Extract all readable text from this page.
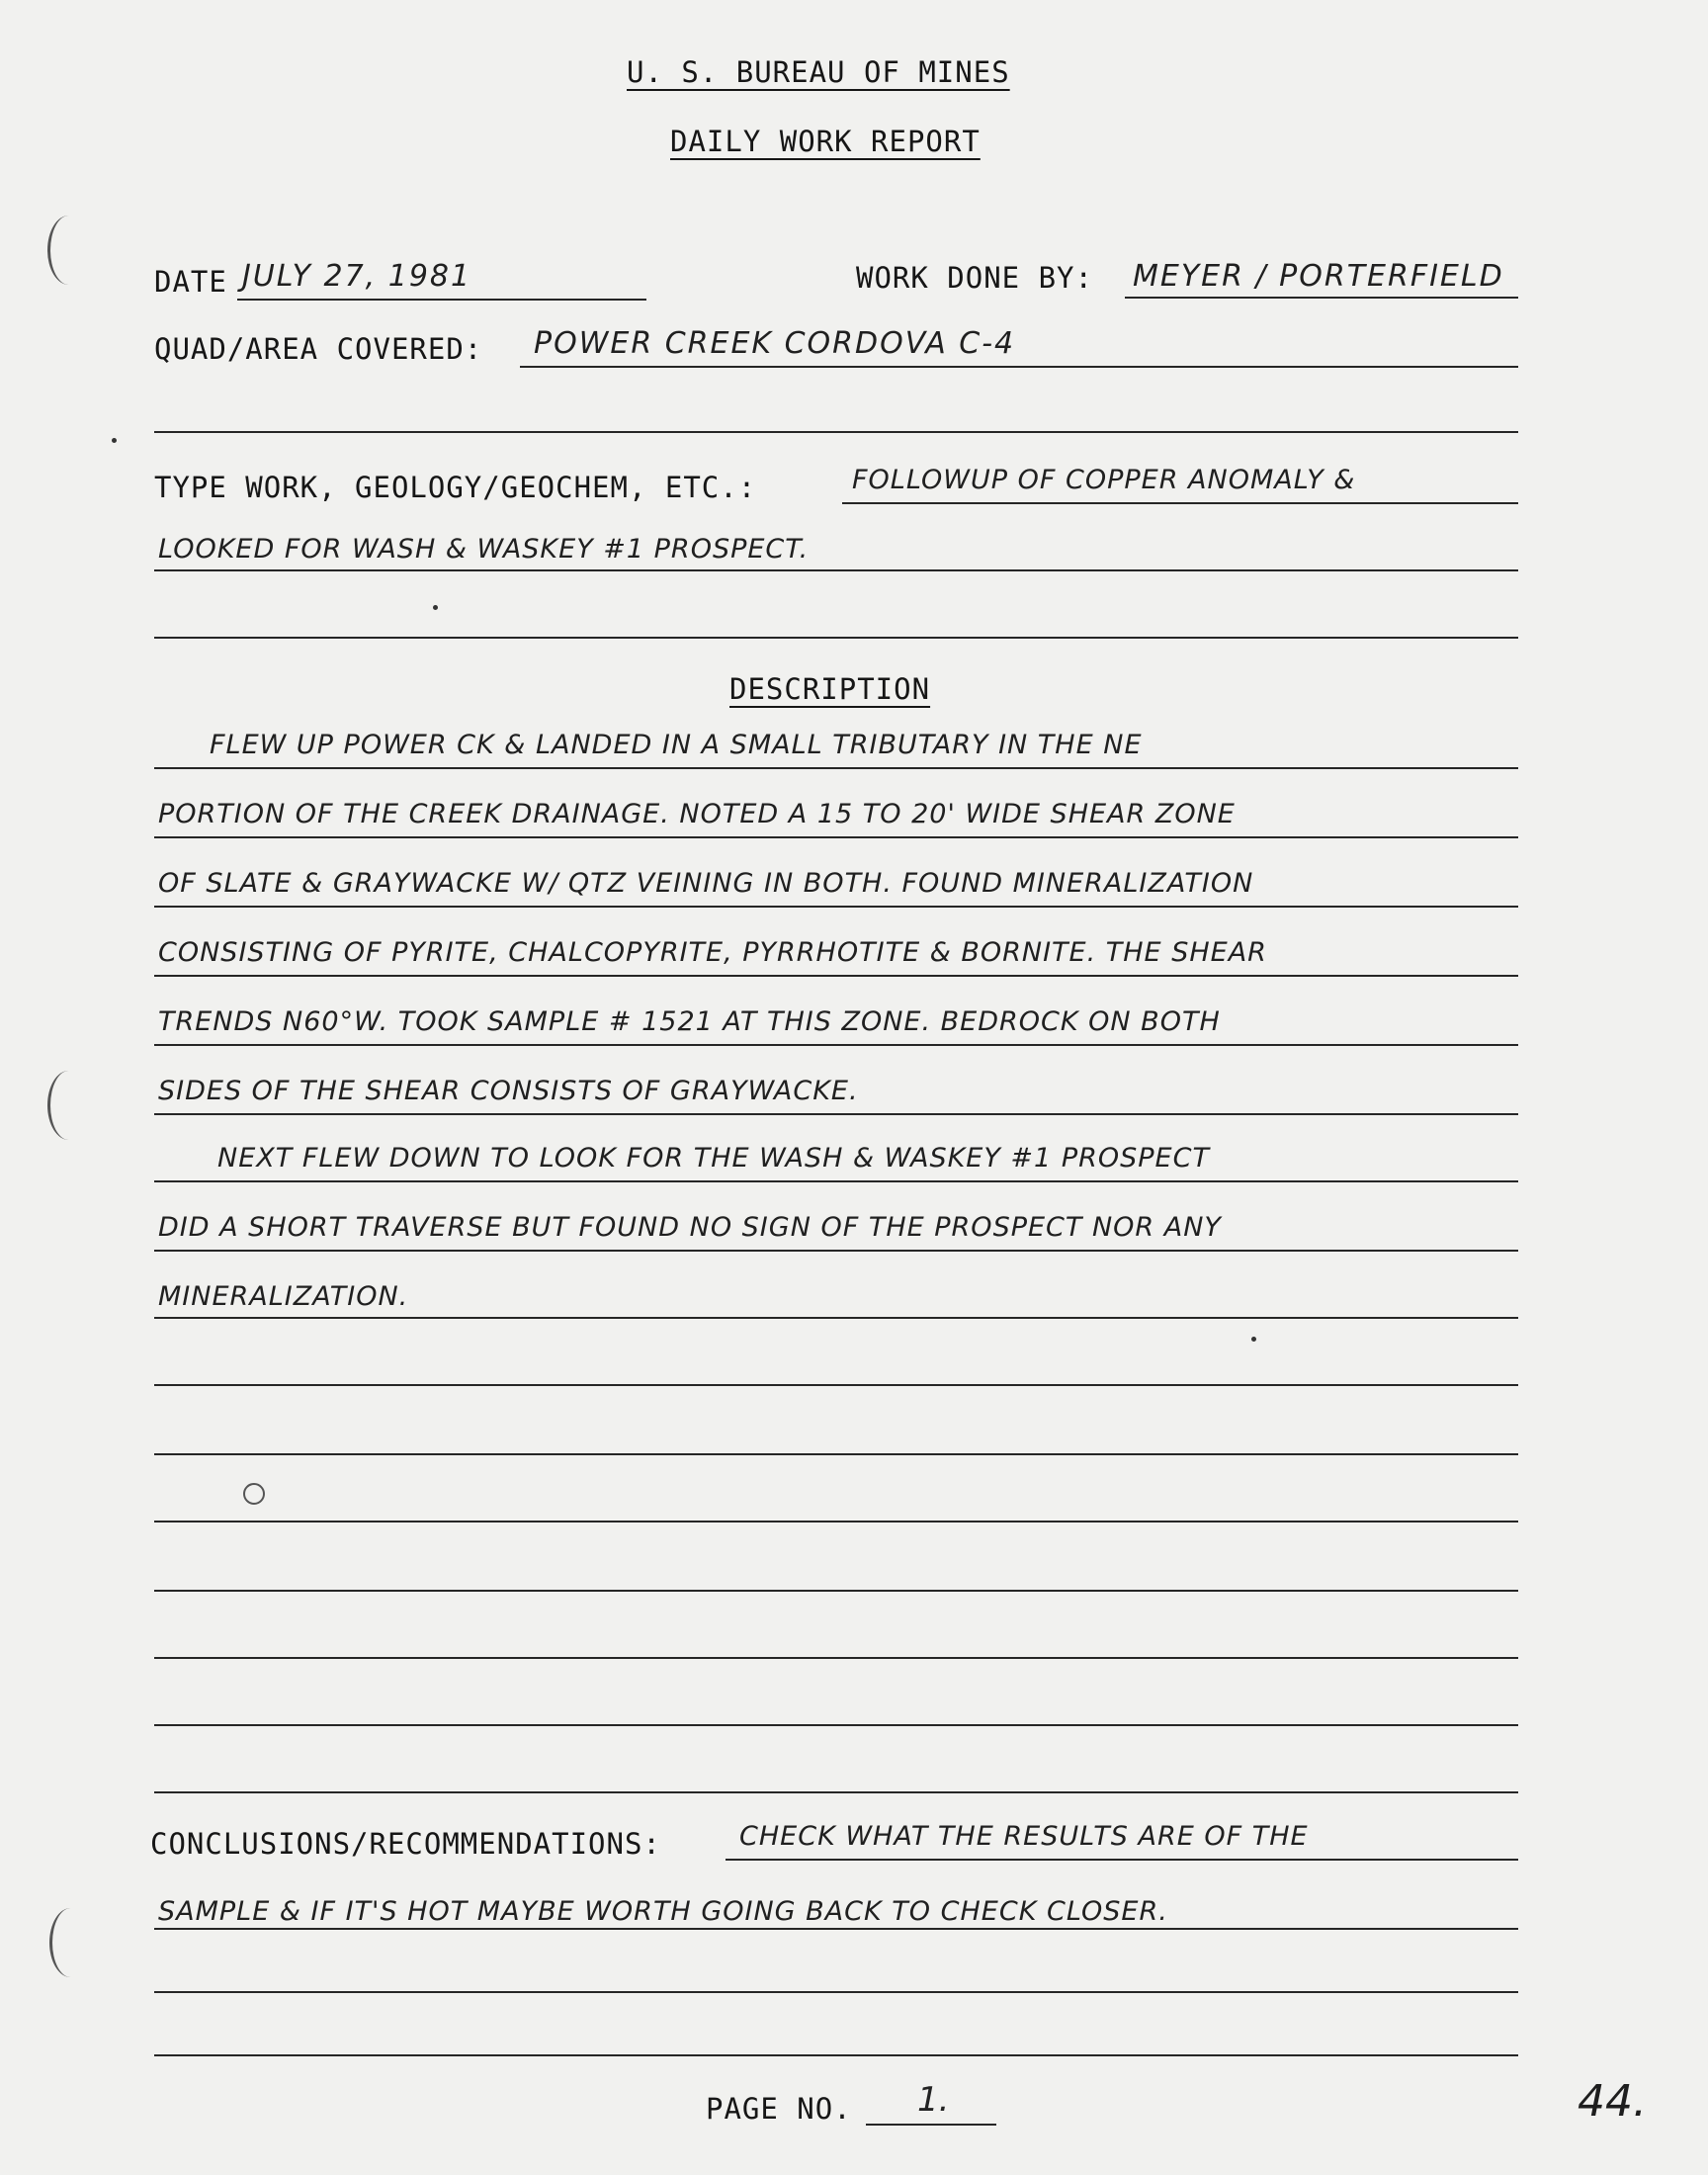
U. S. BUREAU OF MINES
DAILY WORK REPORT
DATE JULY 27, 1981	WORK DONE BY: MEYER / PORTERFIELD
QUAD/AREA COVERED: POWER CREEK CORDOVA C-4
TYPE WORK, GEOLOGY/GEOCHEM, ETC.:	FOLLOWUP OF COPPER ANOMALY &
LOOKED FOR WASH & WASKEY #1 PROSPECT.
DESCRIPTION
FLEW UP POWER CK & LANDED IN A SMALL TRIBUTARY IN THE NE
PORTION OF THE CREEK DRAINAGE. NOTED A 15 TO 20' WIDE SHEAR ZONE
OF SLATE & GRAYWACKE W/ QTZ VEINING IN BOTH. FOUND MINERALIZATION
CONSISTING OF PYRITE, CHALCOPYRITE, PYRRHOTITE & BORNITE. THE SHEAR
TRENDS N60°W. TOOK SAMPLE # 1521 AT THIS ZONE. BEDROCK ON BOTH
SIDES OF THE SHEAR CONSISTS OF GRAYWACKE.
NEXT FLEW DOWN TO LOOK FOR THE WASH & WASKEY #1 PROSPECT
DID A SHORT TRAVERSE BUT FOUND NO SIGN OF THE PROSPECT NOR ANY
MINERALIZATION.
CONCLUSIONS/RECOMMENDATIONS:	CHECK WHAT THE RESULTS ARE OF THE
SAMPLE & IF IT'S HOT MAYBE WORTH GOING BACK TO CHECK CLOSER.
PAGE NO. 1.	44.
